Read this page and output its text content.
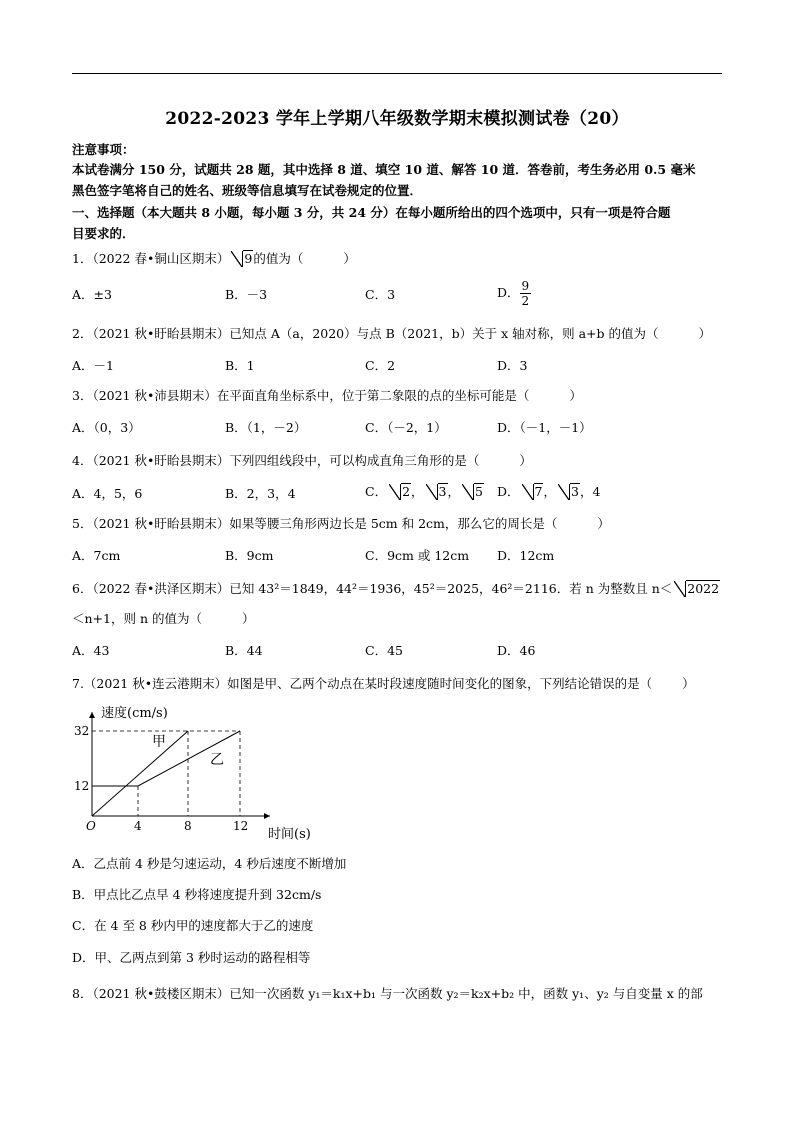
2022-2023 学年上学期八年级数学期末模拟测试卷（20）
注意事项：
本试卷满分 150 分，试题共 28 题，其中选择 8 道、填空 10 道、解答 10 道．答卷前，考生务必用 0.5 毫米
黑色签字笔将自己的姓名、班级等信息填写在试卷规定的位置．
一、选择题（本大题共 8 小题，每小题 3 分，共 24 分）在每小题所给出的四个选项中，只有一项是符合题
目要求的．
1．（2022 春•铜山区期末） 9的值为（	）
A．±3	B．－3	C．3	D． $\frac{9}{2}$
2．（2021 秋•盱眙县期末）已知点 A（a，2020）与点 B（2021，b）关于 x 轴对称，则 a+b 的值为（	）
A．－1	B．1	C．2	D．3
3．（2021 秋•沛县期末）在平面直角坐标系中，位于第二象限的点的坐标可能是（	）
A．（0，3）	B．（1，－2）	C．（－2，1）	D．（－1，－1）
4．（2021 秋•盱眙县期末）下列四组线段中，可以构成直角三角形的是（	）
A．4，5，6	B．2，3，4	C． 2， 3， 5 D． 7， 3，4
5．（2021 秋•盱眙县期末）如果等腰三角形两边长是 5cm 和 2cm，那么它的周长是（	）
A．7cm	B．9cm	C．9cm 或 12cm D．12cm
6．（2022 春•洪泽区期末）已知 43²＝1849，44²＝1936，45²＝2025，46²＝2116．若 n 为整数且 n＜ 2022
＜n+1，则 n 的值为（	）
A．43	B．44	C．45	D．46
7.（2021 秋•连云港期末）如图是甲、乙两个动点在某时段速度随时间变化的图象，下列结论错误的是（ ）
速度(cm/s)
时间(s)
O	4	8	12
12
32
甲
乙
A．乙点前 4 秒是匀速运动，4 秒后速度不断增加
B．甲点比乙点早 4 秒将速度提升到 32cm/s
C．在 4 至 8 秒内甲的速度都大于乙的速度
D．甲、乙两点到第 3 秒时运动的路程相等
8．（2021 秋•鼓楼区期末）已知一次函数 y₁＝k₁x+b₁ 与一次函数 y₂＝k₂x+b₂ 中，函数 y₁、y₂ 与自变量 x 的部
